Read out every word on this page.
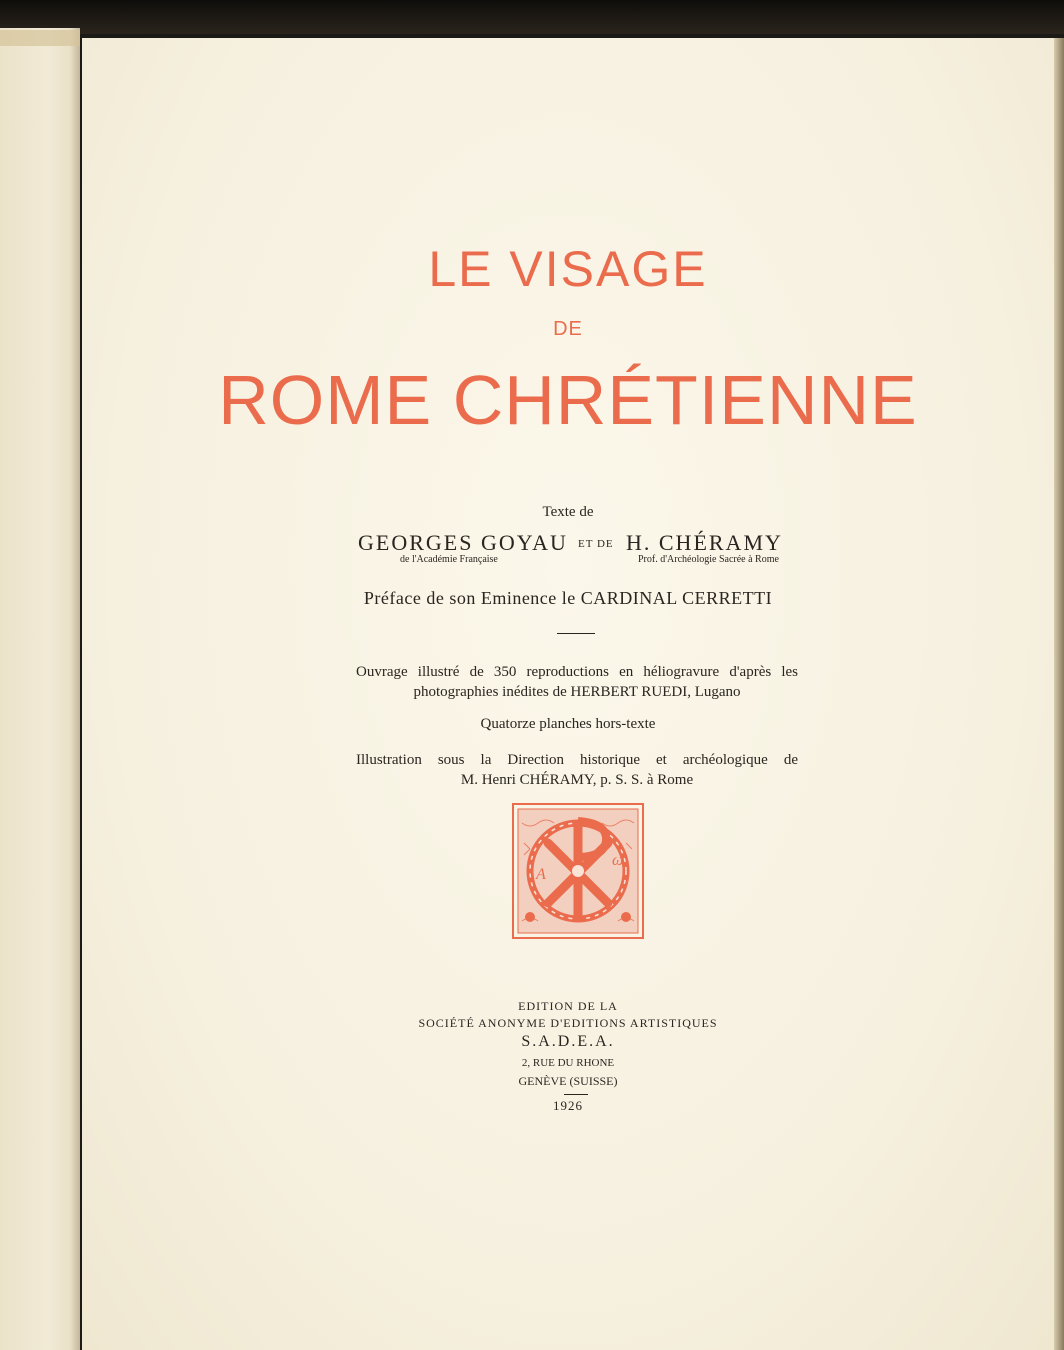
LE VISAGE
DE
ROME CHRÉTIENNE
Texte de
GEORGES GOYAU
de l'Académie Française
ET DE H. CHÉRAMY
Prof. d'Archéologie Sacrée à Rome
Préface de son Eminence le CARDINAL CERRETTI
Ouvrage illustré de 350 reproductions en héliogravure d'après les
photographies inédites de HERBERT RUEDI, Lugano
Quatorze planches hors-texte
Illustration sous la Direction historique et archéologique de
M. Henri CHÉRAMY, p. S. S. à Rome
A
ω
EDITION DE LA
SOCIÉTÉ ANONYME D'EDITIONS ARTISTIQUES
S.A.D.E.A.
2, RUE DU RHONE
GENÈVE (SUISSE)
1926
